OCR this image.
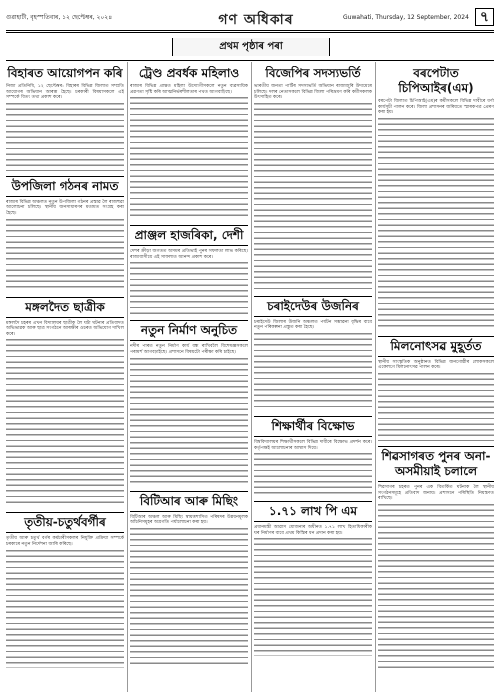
গুৱাহাটী, বৃহস্পতিবাৰ, ১২ ছেপ্টেম্বৰ, ২০২৪	গণ অধিকাৰ	Guwahati, Thursday, 12 September, 2024 ৭
প্ৰথম পৃষ্ঠাৰ পৰা
বিহাৰত আয়োগপন কৰি

নিজা প্ৰতিনিধি, ১২ ছেপ্টেম্বৰ: বিহাৰৰ বিভিন্ন জিলাত সম্প্ৰতি আয়োগৰ অভিযান আৰম্ভ হৈছে। চৰকাৰী বিষয়াসকলে এই সম্পৰ্কে বিতং তথ্য প্ৰকাশ কৰে।

উপজিলা গঠনৰ নামত

ৰাজ্যৰ বিভিন্ন অঞ্চলত নতুন উপজিলা গঠনৰ প্ৰস্তাৱ লৈ ৰাজহুৱা আলোচনা চলিছে। স্থানীয় জনসাধাৰণৰ মতামত সংগ্ৰহ কৰা হৈছে।

মঙ্গলদৈত ছাত্ৰীক

মঙ্গলদৈ চহৰৰ এখন বিদ্যালয়ৰ ছাত্ৰীক লৈ ঘটা ঘটনাৰ প্ৰতিবাদত অভিভাৱক আৰু ছাত্ৰ সংগঠনে আৰক্ষীৰ ওচৰত অভিযোগ দাখিল কৰে।

তৃতীয়-চতুৰ্থবৰ্গীৰ

তৃতীয় আৰু চতুৰ্থ বৰ্গৰ কৰ্মচাৰীসকলৰ নিযুক্তি প্ৰক্ৰিয়া সম্পৰ্কে চৰকাৰে নতুন নিৰ্দেশনা জাৰি কৰিছে।

ট্ৰেণ্ড প্ৰবৰ্ধক মহিলাও

ৰাজ্যৰ বিভিন্ন প্ৰান্তত মহিলা উদ্যোগীসকলে নতুন ব্যৱসায়িক প্ৰৱণতা সৃষ্টি কৰি আত্মনিৰ্ভৰশীলতাৰ পথত আগবাঢ়িছে।

প্ৰাঞ্জল হাজৰিকা, দেশী

দেশৰ ক্ৰীড়া জগতত অসমৰ প্ৰতিভাই পুনৰ সফলতা লাভ কৰিছে। ৰাজ্যবাসীয়ে এই সাফল্যত আনন্দ প্ৰকাশ কৰে।

নতুন নিৰ্মাণ অনুচিত

নদীৰ পাৰত নতুন নিৰ্মাণ কাৰ্য বন্ধ ৰাখিবলৈ বিশেষজ্ঞসকলে পৰামৰ্শ আগবঢ়াইছে। প্ৰশাসনে বিষয়টো পৰীক্ষা কৰি চাইছে।

বিটিআৰ আৰু মিছিং

বিটিআৰ অঞ্চল আৰু মিছিং স্বায়ত্তশাসিত পৰিষদৰ উন্নয়নমূলক আঁচনিসমূহৰ অগ্ৰগতি পৰ্যালোচনা কৰা হয়।

বিজেপিৰ সদস্যভৰ্তি

ভাৰতীয় জনতা পাৰ্টিৰ সদস্যভৰ্তি অভিযান ৰাজ্যজুৰি উদ্যমেৰে চলিছে। দলৰ নেতাসকলে বিভিন্ন জিলা পৰিভ্ৰমণ কৰি কৰ্মীসকলক উৎসাহিত কৰে।

চৰাইদেউৰ উজনিৰ

চৰাইদেউ জিলাৰ উজনি অঞ্চলত পৰ্যটন সম্ভাৱনা বৃদ্ধিৰ বাবে নতুন পৰিকল্পনা প্ৰস্তুত কৰা হৈছে।

শিক্ষাৰ্থীৰ বিক্ষোভ

বিশ্ববিদ্যালয়ৰ শিক্ষাৰ্থীসকলে বিভিন্ন দাবীৰে বিক্ষোভ প্ৰদৰ্শন কৰে। কৰ্তৃপক্ষই আলোচনাৰ আশ্বাস দিয়ে।

১.৭১ লাখ পি এম

প্ৰধানমন্ত্ৰী আৱাস যোজনাৰ অধীনত ১.৭১ লাখ হিতাধিকাৰীক ঘৰ নিৰ্মাণৰ বাবে প্ৰথম কিস্তিৰ ধন প্ৰদান কৰা হয়।

বৰপেটাত চিপিআইৰ(এম)

বৰপেটা জিলাত চিপিআই(এম)ৰ কৰ্মীসকলে বিভিন্ন দাবীৰে ধৰ্ণা কাৰ্যসূচী পালন কৰে। জিলা প্ৰশাসনৰ জৰিয়তে স্মাৰকপত্ৰ প্ৰেৰণ কৰা হয়।

মিলনোৎসৱ মুহূৰ্তত

স্থানীয় সাংস্কৃতিক অনুষ্ঠানত বিভিন্ন জনগোষ্ঠীৰ লোকসকলে একেলগে মিলনোৎসৱ পালন কৰে।

শিৱসাগৰত পুনৰ অনা-অসমীয়াই চলালে

শিৱসাগৰ চহৰত পুনৰ এক বিতৰ্কিত ঘটনাক লৈ স্থানীয় সংগঠনসমূহে প্ৰতিবাদ জনায়। প্ৰশাসনে পৰিস্থিতি নিয়ন্ত্ৰণত ৰাখিছে।
